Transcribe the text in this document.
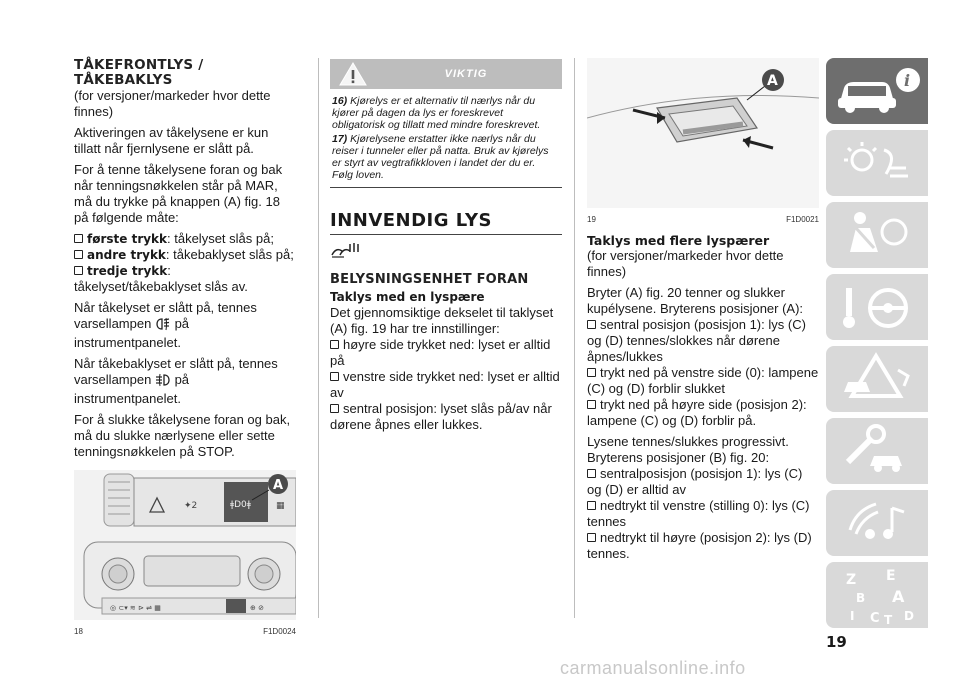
TÅKEFRONTLYS / TÅKEBAKLYS

(for versjoner/markeder hvor dette finnes)

Aktiveringen av tåkelysene er kun tillatt når fjernlysene er slått på.

For å tenne tåkelysene foran og bak når tenningsnøkkelen står på MAR, må du trykke på knappen (A) fig. 18 på følgende måte:

første trykk: tåkelyset slås på;
andre trykk: tåkebaklyset slås på;
tredje trykk: tåkelyset/tåkebaklyset slås av.

Når tåkelyset er slått på, tennes varsellampen på instrumentpanelet.

Når tåkebaklyset er slått på, tennes varsellampen på instrumentpanelet.

For å slukke tåkelysene foran og bak, må du slukke nærlysene eller sette tenningsnøkkelen på STOP.

✦2	ǂD0ǂ	▦
◎ ⊂▾ ≋ ⊳ ⇌ ▦	⊕ ⊘
A
18	F1D0024
VIKTIG

16) Kjørelys er et alternativ til nærlys når du kjører på dagen da lys er foreskrevet obligatorisk og tillatt med mindre foreskrevet.

17) Kjørelysene erstatter ikke nærlys når du reiser i tunneler eller på natta. Bruk av kjørelys er styrt av vegtrafikkloven i landet der du er. Følg loven.

INNVENDIG LYS
BELYSNINGSENHET FORAN
Taklys med en lyspære

Det gjennomsiktige dekselet til taklyset (A) fig. 19 har tre innstillinger:

høyre side trykket ned: lyset er alltid på
venstre side trykket ned: lyset er alltid av
sentral posisjon: lyset slås på/av når dørene åpnes eller lukkes.
A
19	F1D0021
Taklys med flere lyspærer

(for versjoner/markeder hvor dette finnes)

Bryter (A) fig. 20 tenner og slukker kupélysene. Bryterens posisjoner (A):

sentral posisjon (posisjon 1): lys (C) og (D) tennes/slokkes når dørene åpnes/lukkes
trykt ned på venstre side (0): lampene (C) og (D) forblir slukket
trykt ned på høyre side (posisjon 2): lampene (C) og (D) forblir på.

Lysene tennes/slukkes progressivt. Bryterens posisjoner (B) fig. 20:

sentralposisjon (posisjon 1): lys (C) og (D) er alltid av
nedtrykt til venstre (stilling 0): lys (C) tennes
nedtrykt til høyre (posisjon 2): lys (D) tennes.
i
Z E
B A
I C T D
19
carmanualsonline.info
